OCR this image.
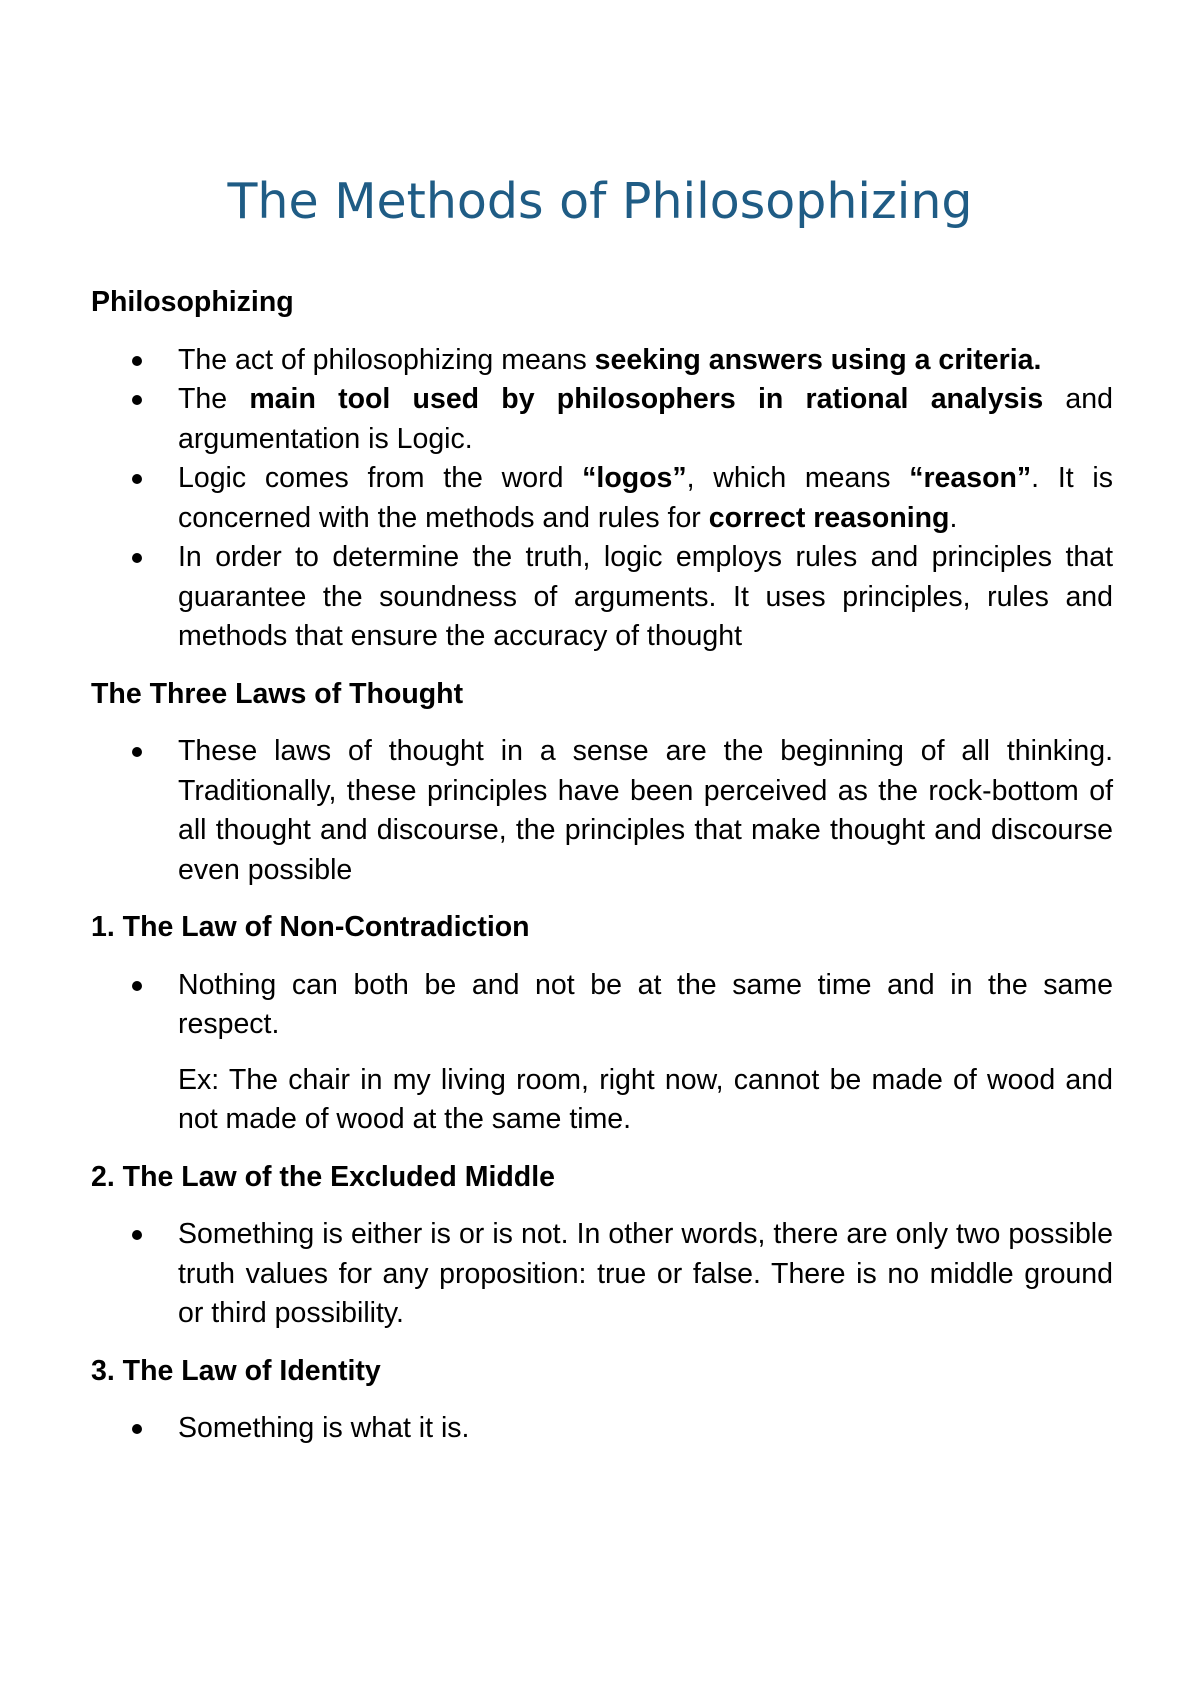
The Methods of Philosophizing
Philosophizing
The act of philosophizing means seeking answers using a criteria.
The main tool used by philosophers in rational analysis and argumentation is Logic.
Logic comes from the word “logos”, which means “reason”. It is concerned with the methods and rules for correct reasoning.
In order to determine the truth, logic employs rules and principles that guarantee the soundness of arguments. It uses principles, rules and methods that ensure the accuracy of thought
The Three Laws of Thought
These laws of thought in a sense are the beginning of all thinking. Traditionally, these principles have been perceived as the rock-bottom of all thought and discourse, the principles that make thought and discourse even possible
1. The Law of Non-Contradiction
Nothing can both be and not be at the same time and in the same respect.
Ex: The chair in my living room, right now, cannot be made of wood and not made of wood at the same time.
2. The Law of the Excluded Middle
Something is either is or is not. In other words, there are only two possible truth values for any proposition: true or false. There is no middle ground or third possibility.
3. The Law of Identity
Something is what it is.
